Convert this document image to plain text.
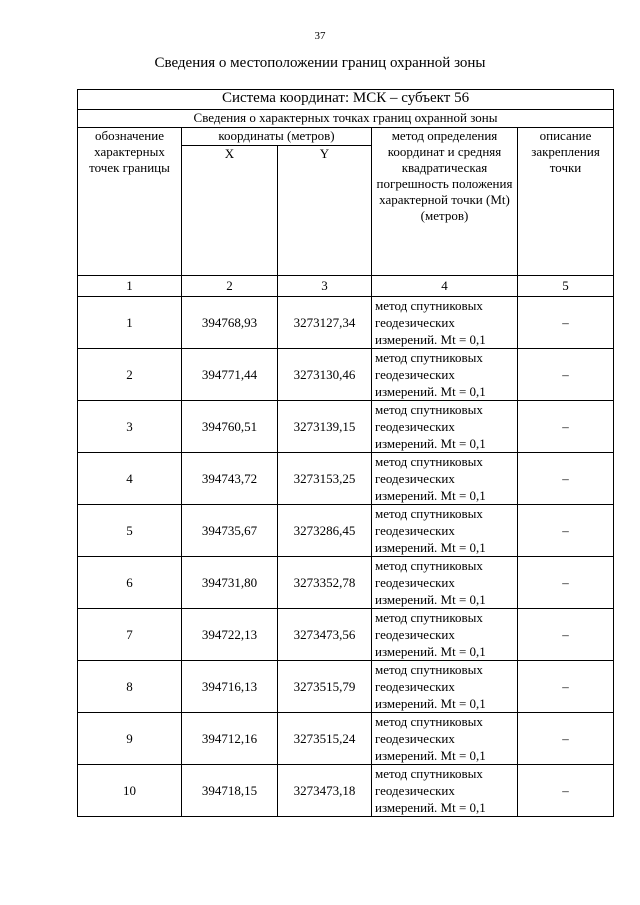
37
Сведения о местоположении границ охранной зоны
Система координат: МСК – субъект 56				
Сведения о характерных точках границ охранной зоны				
обозначение характерных точек границы	координаты (метров)		метод определения координат и средняя квадратическая погрешность положения характерной точки (Мt) (метров)	описание закрепления точки
	X	Y		
1	2	3	4	5
1	394768,93	3273127,34	метод спутниковых геодезических измерений. Мt = 0,1	–
2	394771,44	3273130,46	метод спутниковых геодезических измерений. Мt = 0,1	–
3	394760,51	3273139,15	метод спутниковых геодезических измерений. Мt = 0,1	–
4	394743,72	3273153,25	метод спутниковых геодезических измерений. Мt = 0,1	–
5	394735,67	3273286,45	метод спутниковых геодезических измерений. Мt = 0,1	–
6	394731,80	3273352,78	метод спутниковых геодезических измерений. Мt = 0,1	–
7	394722,13	3273473,56	метод спутниковых геодезических измерений. Мt = 0,1	–
8	394716,13	3273515,79	метод спутниковых геодезических измерений. Мt = 0,1	–
9	394712,16	3273515,24	метод спутниковых геодезических измерений. Мt = 0,1	–
10	394718,15	3273473,18	метод спутниковых геодезических измерений. Мt = 0,1	–
